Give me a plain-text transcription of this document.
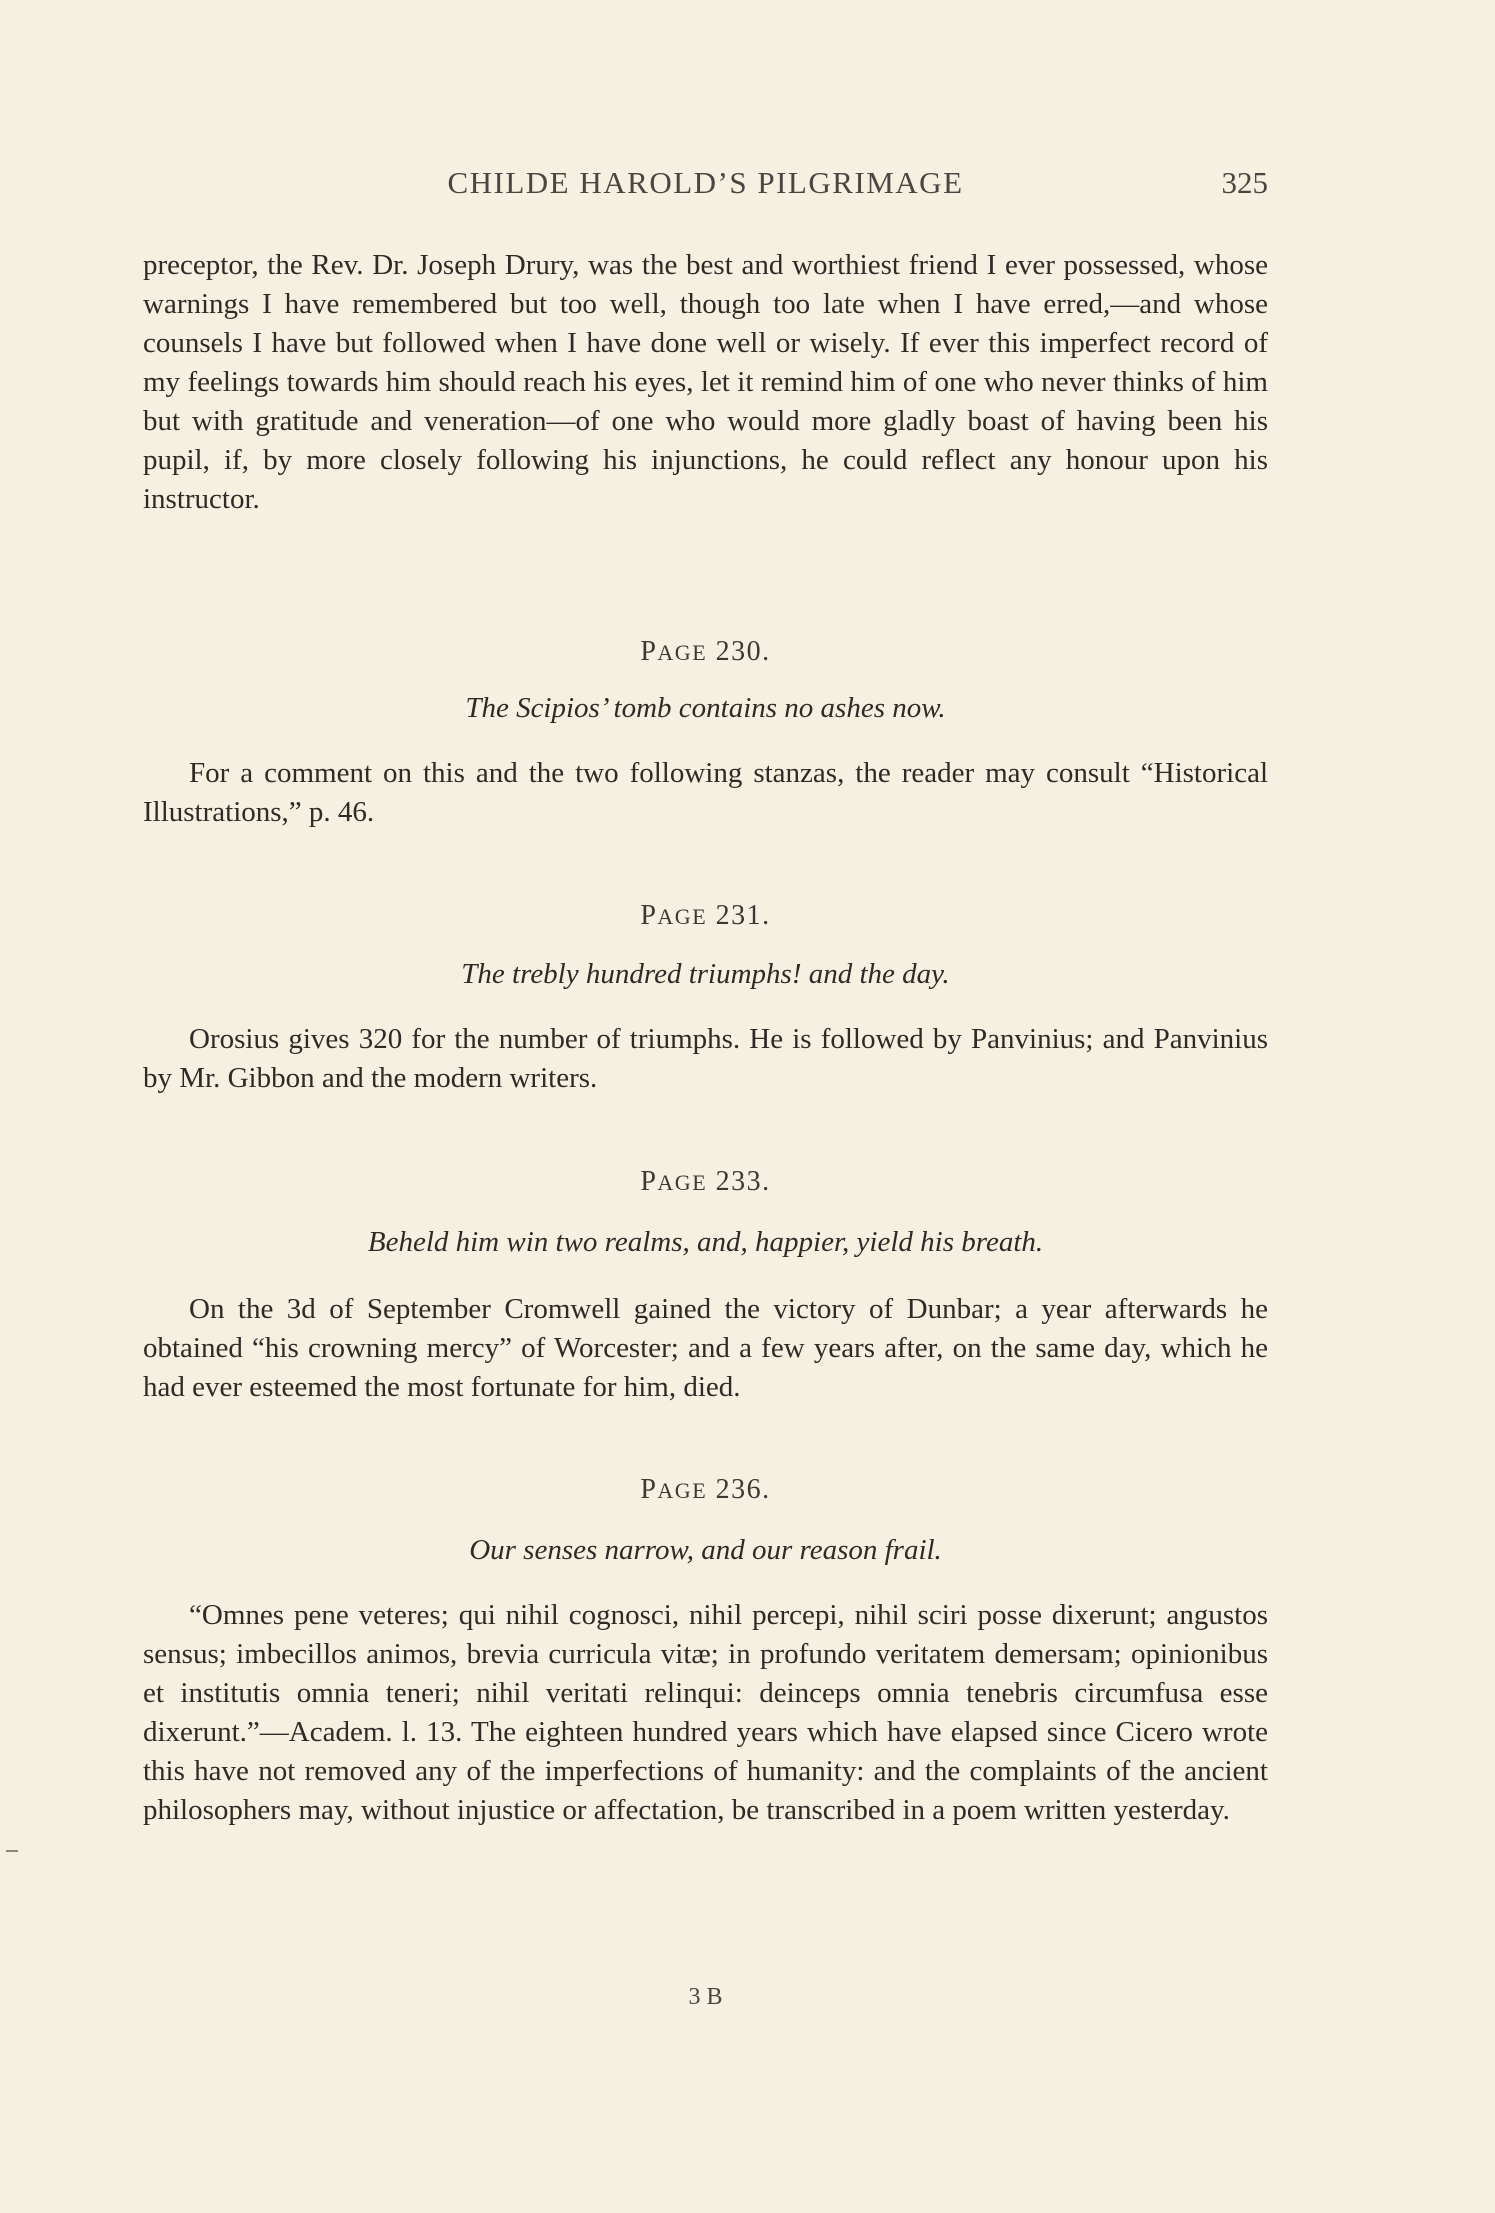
CHILDE HAROLD’S PILGRIMAGE	325

preceptor, the Rev. Dr. Joseph Drury, was the best and worthiest friend I ever possessed, whose warnings I have remembered but too well, though too late when I have erred,—and whose counsels I have but followed when I have done well or wisely. If ever this imperfect record of my feelings towards him should reach his eyes, let it remind him of one who never thinks of him but with gratitude and veneration—of one who would more gladly boast of having been his pupil, if, by more closely following his injunctions, he could reflect any honour upon his instructor.

PAGE 230.
The Scipios’ tomb contains no ashes now.

For a comment on this and the two following stanzas, the reader may consult “Historical Illustrations,” p. 46.

PAGE 231.
The trebly hundred triumphs! and the day.

Orosius gives 320 for the number of triumphs. He is followed by Panvinius; and Panvinius by Mr. Gibbon and the modern writers.

PAGE 233.
Beheld him win two realms, and, happier, yield his breath.

On the 3d of September Cromwell gained the victory of Dunbar; a year afterwards he obtained “his crowning mercy” of Worcester; and a few years after, on the same day, which he had ever esteemed the most fortunate for him, died.

PAGE 236.
Our senses narrow, and our reason frail.

“Omnes pene veteres; qui nihil cognosci, nihil percepi, nihil sciri posse dixerunt; angustos sensus; imbecillos animos, brevia curricula vitæ; in profundo veritatem demersam; opinionibus et institutis omnia teneri; nihil veritati relinqui: deinceps omnia tenebris circumfusa esse dixerunt.”—Academ. l. 13. The eighteen hundred years which have elapsed since Cicero wrote this have not removed any of the imperfections of humanity: and the complaints of the ancient philosophers may, without injustice or affectation, be transcribed in a poem written yesterday.

3 B
